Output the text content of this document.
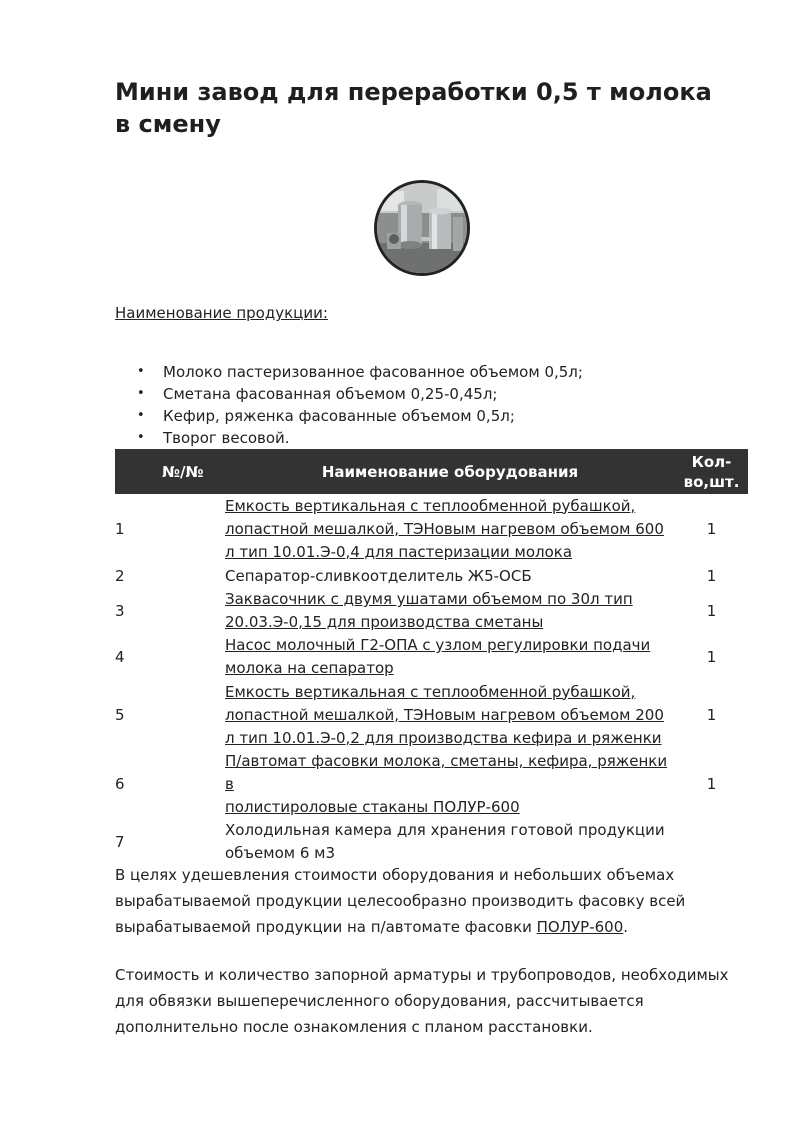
Мини завод для переработки 0,5 т молока в смену
Наименование продукции:
• Молоко пастеризованное фасованное объемом 0,5л;
• Сметана фасованная объемом 0,25-0,45л;
• Кефир, ряженка фасованные объемом 0,5л;
• Творог весовой.
№/№	Наименование оборудования	Кол-
во,шт.
1	Емкость вертикальная с теплообменной рубашкой,
лопастной мешалкой, ТЭНовым нагревом объемом 600
л тип 10.01.Э-0,4 для пастеризации молока	1
2	Сепаратор-сливкоотделитель Ж5-ОСБ	1
3	Заквасочник с двумя ушатами объемом по 30л тип
20.03.Э-0,15 для производства сметаны	1
4	Насос молочный Г2-ОПА с узлом регулировки подачи
молока на сепаратор	1
5	Емкость вертикальная с теплообменной рубашкой,
лопастной мешалкой, ТЭНовым нагревом объемом 200
л тип 10.01.Э-0,2 для производства кефира и ряженки	1
6	П/автомат фасовки молока, сметаны, кефира, ряженки в
полистироловые стаканы ПОЛУР-600	1
7	Холодильная камера для хранения готовой продукции
объемом 6 м3	

В целях удешевления стоимости оборудования и небольших объемах
вырабатываемой продукции целесообразно производить фасовку всей
вырабатываемой продукции на п/автомате фасовки ПОЛУР-600.

Стоимость и количество запорной арматуры и трубопроводов, необходимых
для обвязки вышеперечисленного оборудования, рассчитывается
дополнительно после ознакомления с планом расстановки.
